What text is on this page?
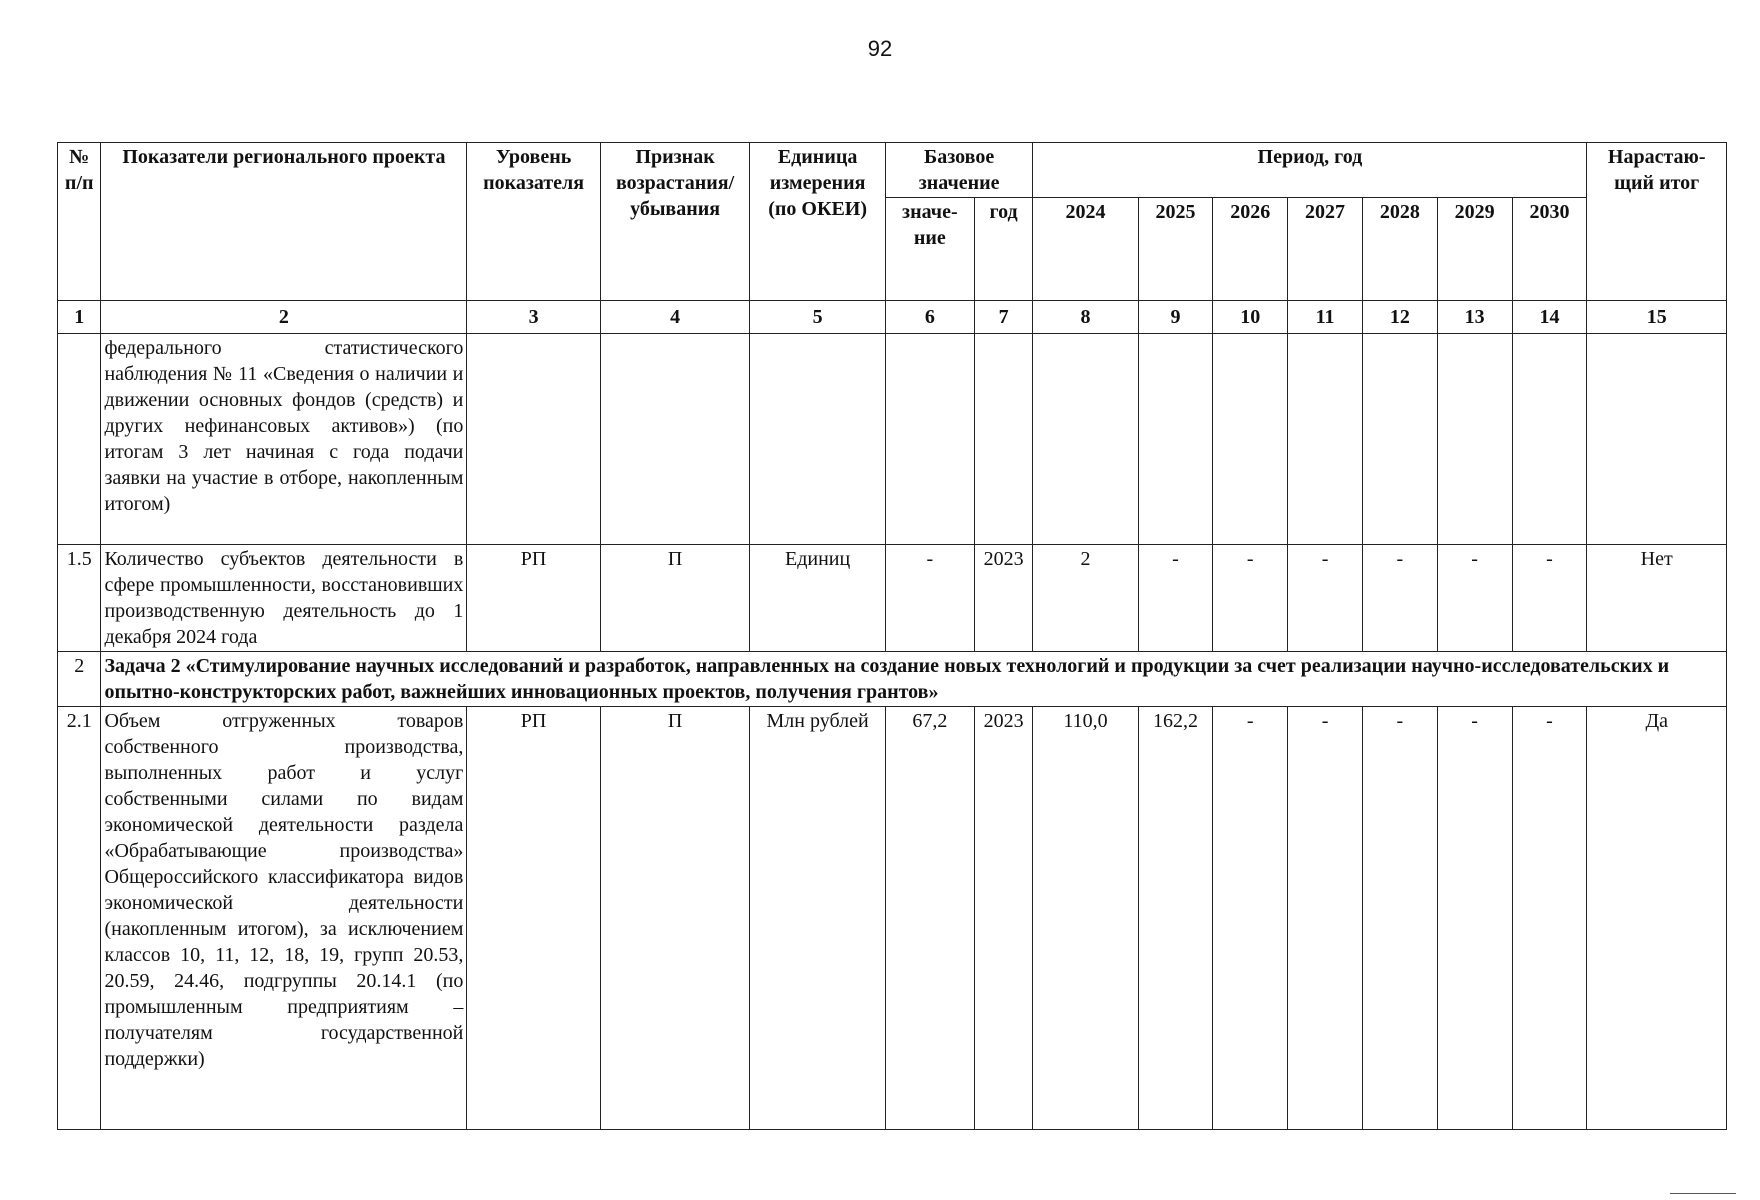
92
№ п/п	Показатели регионального проекта	Уровень показателя	Признак возрастания/ убывания	Единица измерения (по ОКЕИ)	Базовое значение		Период, год							Нарастаю- щий итог
					значе- ние	год	2024	2025	2026	2027	2028	2029	2030	
1	2	3	4	5	6	7	8	9	10	11	12	13	14	15
	федерального статистического наблюдения № 11 «Сведения о наличии и движении основных фондов (средств) и других нефинансовых активов») (по итогам 3 лет начиная с года подачи заявки на участие в отборе, накопленным итогом)													
1.5	Количество субъектов деятельности в сфере промышленности, восстановивших производственную деятельность до 1 декабря 2024 года	РП	П	Единиц	-	2023	2	-	-	-	-	-	-	Нет
2	Задача 2 «Стимулирование научных исследований и разработок, направленных на создание новых технологий и продукции за счет реализации научно-исследовательских и опытно-конструкторских работ, важнейших инновационных проектов, получения грантов»													
2.1	Объем отгруженных товаров собственного производства, выполненных работ и услуг собственными силами по видам экономической деятельности раздела «Обрабатывающие производства» Общероссийского классификатора видов экономической деятельности (накопленным итогом), за исключением классов 10, 11, 12, 18, 19, групп 20.53, 20.59, 24.46, подгруппы 20.14.1 (по промышленным предприятиям – получателям государственной поддержки)	РП	П	Млн рублей	67,2	2023	110,0	162,2	-	-	-	-	-	Да
